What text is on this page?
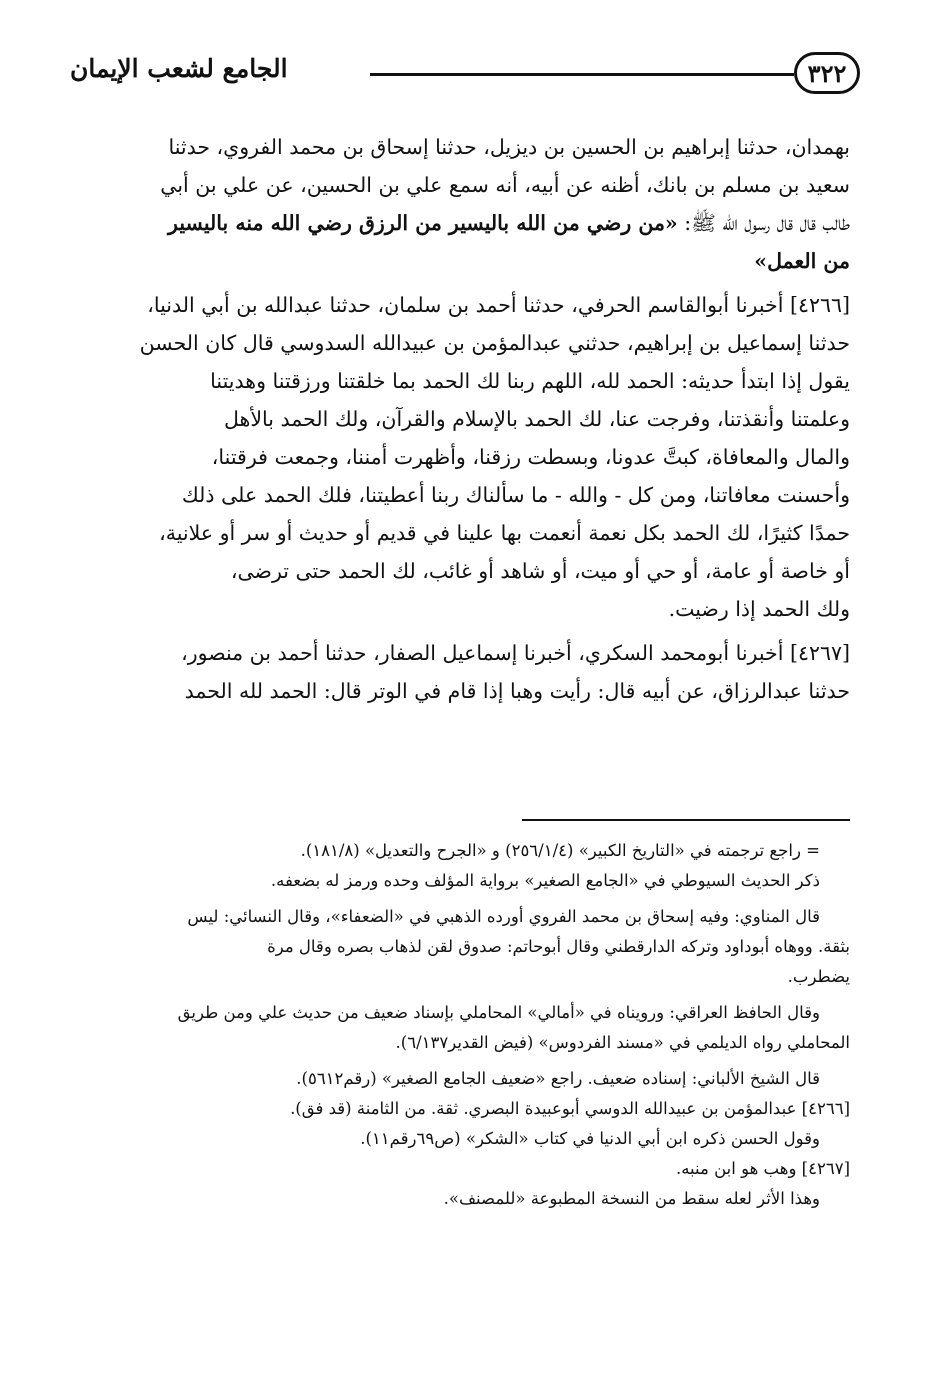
٣٢٢
الجامع لشعب الإيمان
بهمدان، حدثنا إبراهيم بن الحسين بن ديزيل، حدثنا إسحاق بن محمد الفروي، حدثنا
سعيد بن مسلم بن بانك، أظنه عن أبيه، أنه سمع علي بن الحسين، عن علي بن أبي
طالب قال قال رسول الله ﷺ: «من رضي من الله باليسير من الرزق رضي الله منه باليسير
من العمل»
[٤٢٦٦] أخبرنا أبوالقاسم الحرفي، حدثنا أحمد بن سلمان، حدثنا عبدالله بن أبي الدنيا،
حدثنا إسماعيل بن إبراهيم، حدثني عبدالمؤمن بن عبيدالله السدوسي قال كان الحسن
يقول إذا ابتدأ حديثه: الحمد لله، اللهم ربنا لك الحمد بما خلقتنا ورزقتنا وهديتنا
وعلمتنا وأنقذتنا، وفرجت عنا، لك الحمد بالإسلام والقرآن، ولك الحمد بالأهل
والمال والمعافاة، كبتَّ عدونا، وبسطت رزقنا، وأظهرت أمننا، وجمعت فرقتنا،
وأحسنت معافاتنا، ومن كل - والله - ما سألناك ربنا أعطيتنا، فلك الحمد على ذلك
حمدًا كثيرًا، لك الحمد بكل نعمة أنعمت بها علينا في قديم أو حديث أو سر أو علانية،
أو خاصة أو عامة، أو حي أو ميت، أو شاهد أو غائب، لك الحمد حتى ترضى،
ولك الحمد إذا رضيت.
[٤٢٦٧] أخبرنا أبومحمد السكري، أخبرنا إسماعيل الصفار، حدثنا أحمد بن منصور،
حدثنا عبدالرزاق، عن أبيه قال: رأيت وهبا إذا قام في الوتر قال: الحمد لله الحمد
= راجع ترجمته في «التاريخ الكبير» (٢٥٦/١/٤) و «الجرح والتعديل» (١٨١/٨).
ذكر الحديث السيوطي في «الجامع الصغير» برواية المؤلف وحده ورمز له بضعفه.
قال المناوي: وفيه إسحاق بن محمد الفروي أورده الذهبي في «الضعفاء»، وقال النسائي: ليس
بثقة. ووهاه أبوداود وتركه الدارقطني وقال أبوحاتم: صدوق لقن لذهاب بصره وقال مرة
يضطرب.
وقال الحافظ العراقي: ورويناه في «أمالي» المحاملي بإسناد ضعيف من حديث علي ومن طريق
المحاملي رواه الديلمي في «مسند الفردوس» (فيض القدير٦/١٣٧).
قال الشيخ الألباني: إسناده ضعيف. راجع «ضعيف الجامع الصغير» (رقم٥٦١٢).
[٤٢٦٦] عبدالمؤمن بن عبيدالله الدوسي أبوعبيدة البصري. ثقة. من الثامنة (قد فق).
وقول الحسن ذكره ابن أبي الدنيا في كتاب «الشكر» (ص٦٩رقم١١).
[٤٢٦٧] وهب هو ابن منبه.
وهذا الأثر لعله سقط من النسخة المطبوعة «للمصنف».
